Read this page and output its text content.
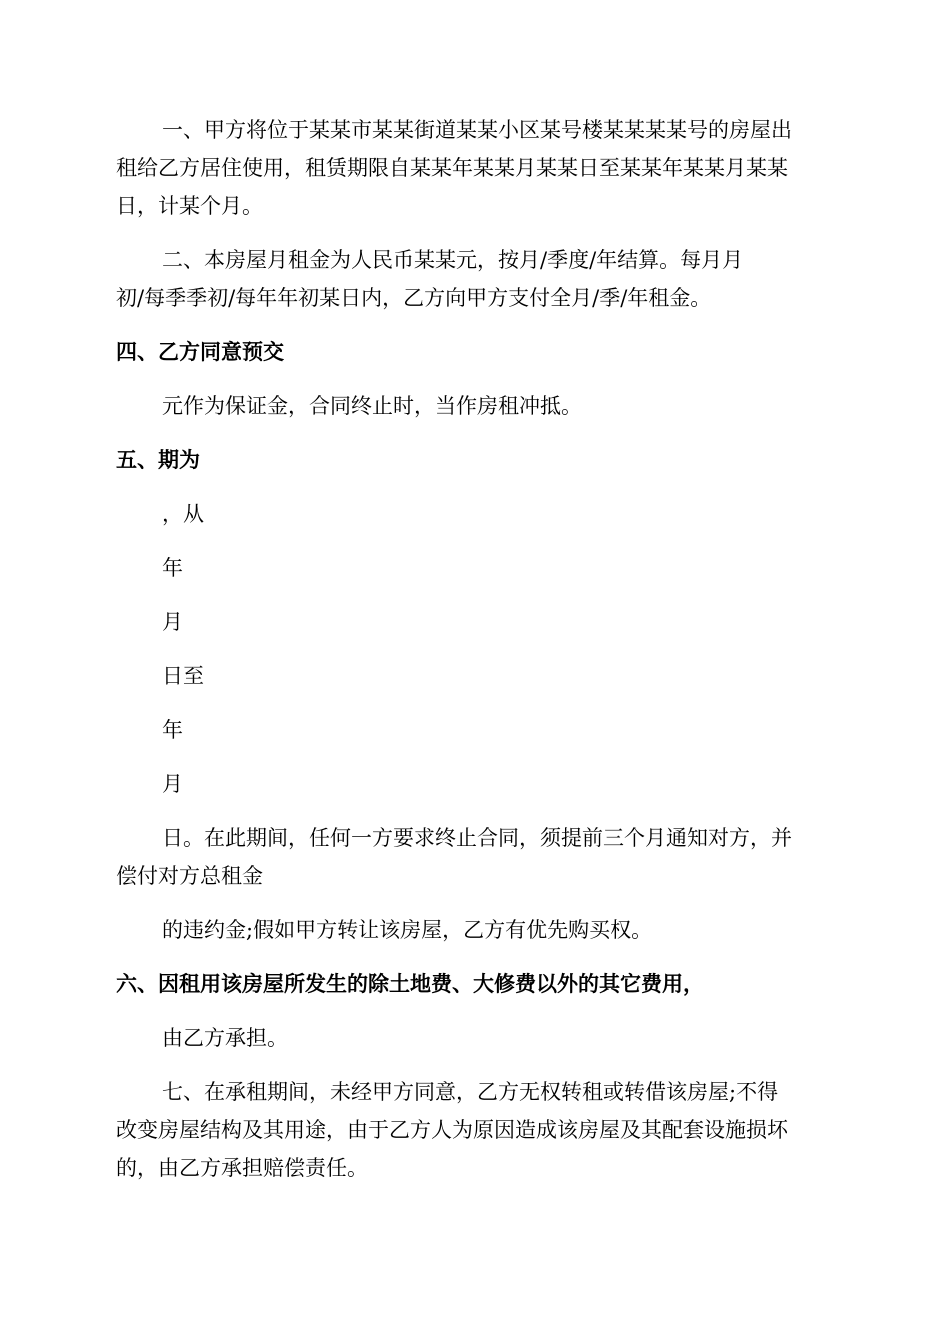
一、甲方将位于某某市某某街道某某小区某号楼某某某某号的房屋出
租给乙方居住使用，租赁期限自某某年某某月某某日至某某年某某月某某
日，计某个月。
二、本房屋月租金为人民币某某元，按月/季度/年结算。每月月
初/每季季初/每年年初某日内，乙方向甲方支付全月/季/年租金。
四、乙方同意预交
元作为保证金，合同终止时，当作房租冲抵。
五、期为
，从
年
月
日至
年
月
日。在此期间，任何一方要求终止合同，须提前三个月通知对方，并
偿付对方总租金
的违约金;假如甲方转让该房屋，乙方有优先购买权。
六、因租用该房屋所发生的除土地费、大修费以外的其它费用，
由乙方承担。
七、在承租期间，未经甲方同意，乙方无权转租或转借该房屋;不得
改变房屋结构及其用途，由于乙方人为原因造成该房屋及其配套设施损坏
的，由乙方承担赔偿责任。
